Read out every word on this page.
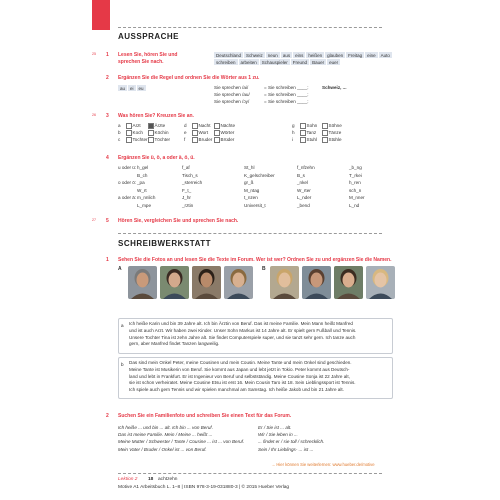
AUSSPRACHE
25 1 Lesen Sie, hören Sie und
sprechen Sie nach.
Deutschland	Schweiz	neun	aus	eins	heißen	glauben	Freitag	eine	Auto
schreiben	arbeiten	Schauspieler	Freund	Bauer	euer
2 Ergänzen Sie die Regel und ordnen Sie die Wörter aus 1 zu.
au	ei	eu	Sie sprechen /ai/	= Sie schreiben ____:	Schweiz, ...
Sie sprechen /au/	= Sie schreiben ____:
Sie sprechen /ɔy/	= Sie schreiben ____:
26 3 Was hören Sie? Kreuzen Sie an.
a	Arzt	Ärzte	d	Nacht	Nächte	g	Sohn	Söhne
b	Koch	Köchin	e	Wort	Wörter	h	Tanz	Tänze
c	Tochter	Töchter	f	Bruder	Brüder	i	Stuhl	Stühle
4 Ergänzen Sie ü, ö, a oder ä, ö, ü.
u oder ü: h_gel	f_af	St_hl	f_nfzehn	_b_ng
B_ch	Tisch_s	K_gelschreiber	B_s	T_rkei
o oder ö: _pa	_sterreich	gr_ß	_nkel	h_ren
W_rt	F_t_	M_ntag	W_rter	sch_n
a oder ä: m_nnlich	J_hr	t_nzen	L_nder	M_nner
L_mpe	_rztin	Universit_t	_bend	L_nd
27 5 Hören Sie, vergleichen Sie und sprechen Sie nach.
SCHREIBWERKSTATT
1 Sehen Sie die Fotos an und lesen Sie die Texte im Forum. Wer ist wer? Ordnen Sie zu und ergänzen Sie die Namen.
A	B
a Ich heiße Karin und bin 39 Jahre alt. Ich bin Ärztin von Beruf. Das ist meine Familie. Mein Mann heißt Manfred

und ist auch Arzt. Wir haben zwei Kinder. Unser Sohn Markus ist 14 Jahre alt. Er spielt gern Fußball und Tennis.

Unsere Tochter Tina ist zehn Jahre alt. Sie findet Computerspiele super, und sie tanzt sehr gern. Ich tanze auch

gern, aber Manfred findet Tanzen langweilig.

b Das sind mein Onkel Peter, meine Cousinen und mein Cousin. Meine Tante und mein Onkel sind geschieden.

Meine Tante ist Musikerin von Beruf. Sie kommt aus Japan und lebt jetzt in Tokio. Peter kommt aus Deutsch-

land und lebt in Frankfurt. Er ist Ingenieur von Beruf und selbstständig. Meine Cousine Sonja ist 22 Jahre alt,

sie ist schon verheiratet. Meine Cousine Etsu ist erst 16. Mein Cousin Taro ist 18. Sein Lieblingssport ist Tennis.

Ich spiele auch gern Tennis und wir spielen manchmal am Samstag. Ich heiße Jakob und bin 21 Jahre alt.

2 Suchen Sie ein Familienfoto und schreiben Sie einen Text für das Forum.
Ich heiße ... und bin ... alt. Ich bin ... von Beruf.
Das ist meine Familie. Mein / Meine ... heißt ...
Meine Mutter / Schwester / Tante / Cousine ... ist ... von Beruf.
Mein Vater / Bruder / Onkel ist ... von Beruf.
Er / Sie ist ... alt.
Wir / Sie leben in ...
... findet er / sie toll / schrecklich.
Sein / Ihr Lieblings- ... ist ...
→ Hier können Sie weiterlernen: www.hueber.de/motive
Lektion 2 18 achtzehn
Motive A1 Arbeitsbuch L. 1–8 | ISBN 978-3-19-031880-3 | © 2015 Hueber Verlag
